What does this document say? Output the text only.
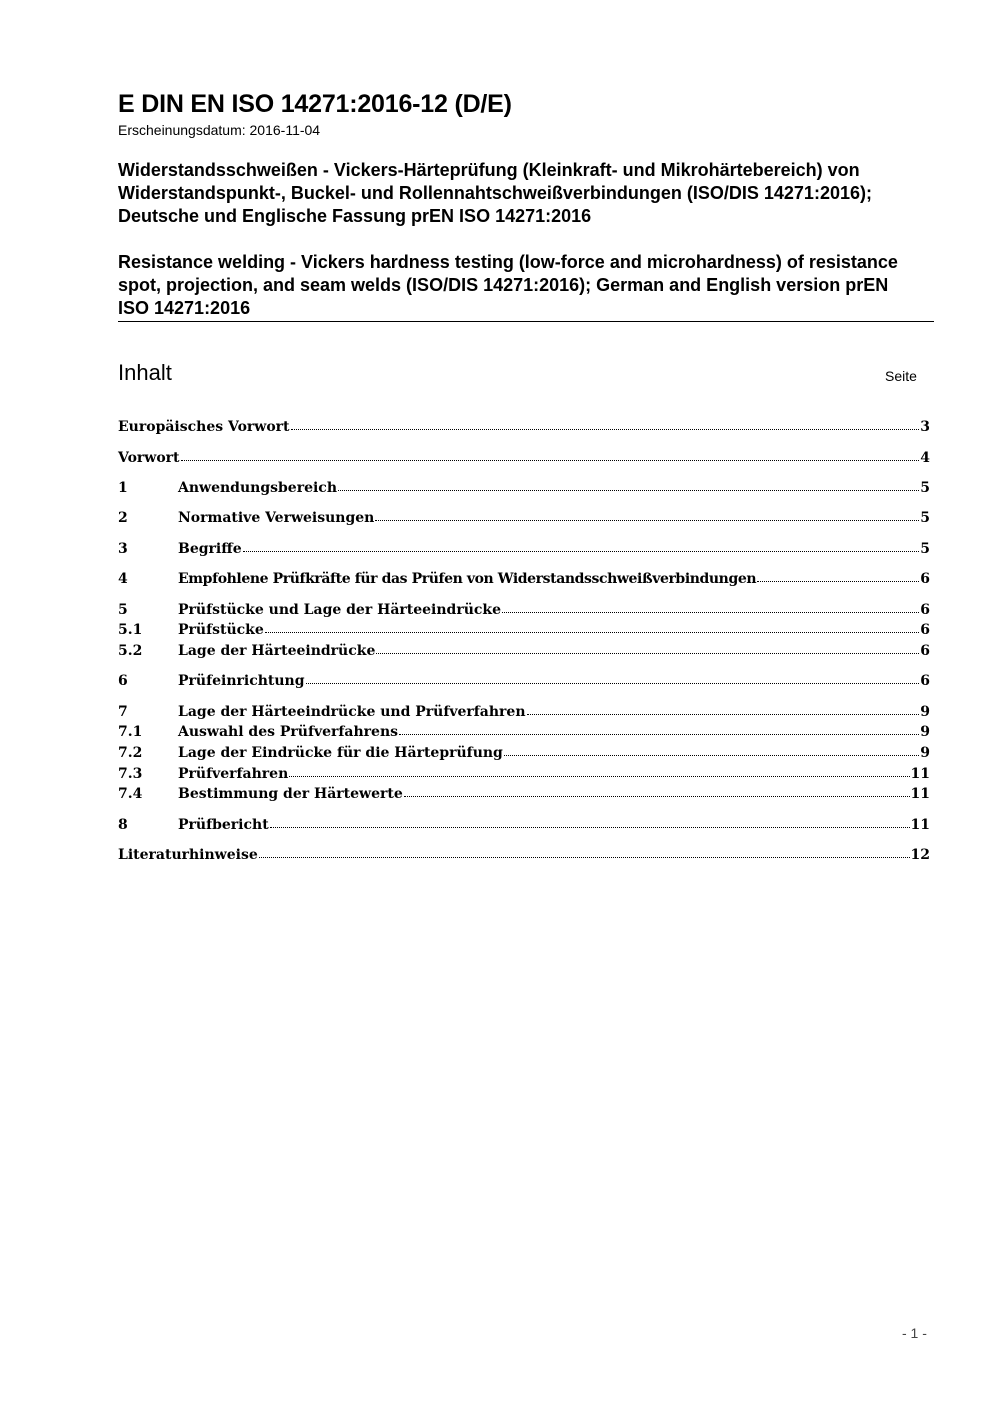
E DIN EN ISO 14271:2016-12 (D/E)
Erscheinungsdatum: 2016-11-04
Widerstandsschweißen - Vickers-Härteprüfung (Kleinkraft- und Mikrohärtebereich) von Widerstandspunkt-, Buckel- und Rollennahtschweißverbindungen (ISO/DIS 14271:2016); Deutsche und Englische Fassung prEN ISO 14271:2016
Resistance welding - Vickers hardness testing (low-force and microhardness) of resistance spot, projection, and seam welds (ISO/DIS 14271:2016); German and English version prEN ISO 14271:2016
Inhalt	Seite
Europäisches Vorwort	3
Vorwort	4
1	Anwendungsbereich	5
2	Normative Verweisungen	5
3	Begriffe	5
4	Empfohlene Prüfkräfte für das Prüfen von Widerstandsschweißverbindungen	6
5	Prüfstücke und Lage der Härteeindrücke	6
5.1	Prüfstücke	6
5.2	Lage der Härteeindrücke	6
6	Prüfeinrichtung	6
7	Lage der Härteeindrücke und Prüfverfahren	9
7.1	Auswahl des Prüfverfahrens	9
7.2	Lage der Eindrücke für die Härteprüfung	9
7.3	Prüfverfahren	11
7.4	Bestimmung der Härtewerte	11
8	Prüfbericht	11
Literaturhinweise	12
- 1 -
